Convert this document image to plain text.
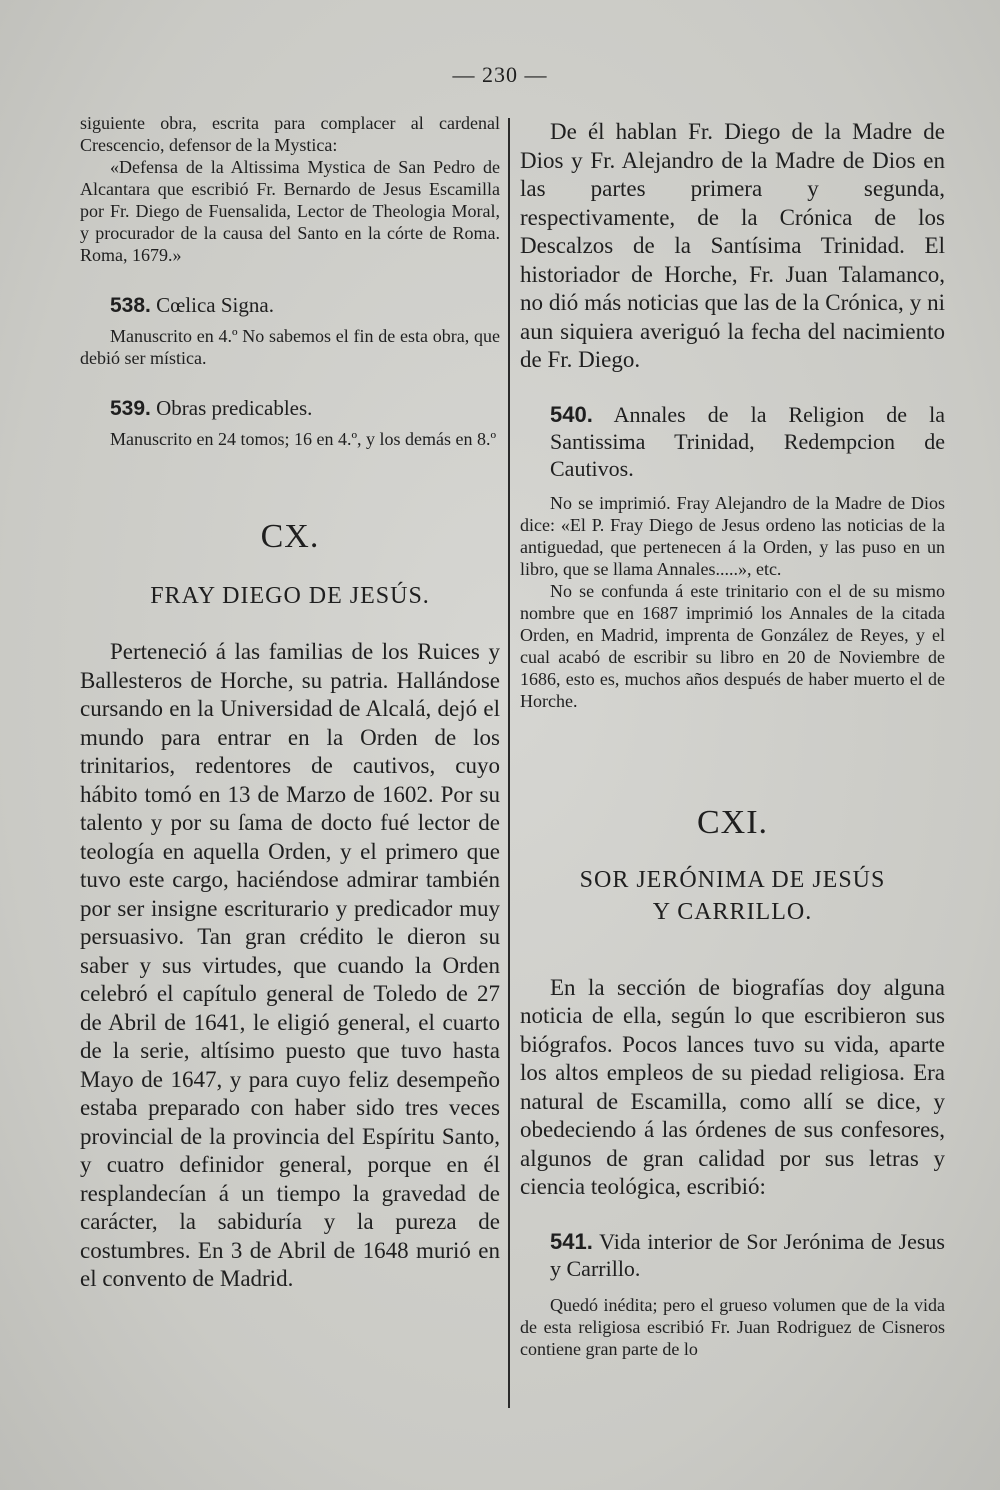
— 230 —

siguiente obra, escrita para complacer al cardenal Crescencio, defensor de la Mystica:

«Defensa de la Altissima Mystica de San Pedro de Alcantara que escribió Fr. Bernardo de Jesus Escamilla por Fr. Diego de Fuensalida, Lector de Theologia Moral, y procurador de la causa del Santo en la córte de Roma. Roma, 1679.»

538. Cœlica Signa.

Manuscrito en 4.º No sabemos el fin de esta obra, que debió ser mística.

539. Obras predicables.

Manuscrito en 24 tomos; 16 en 4.º, y los demás en 8.º

CX.
FRAY DIEGO DE JESÚS.

Perteneció á las familias de los Ruices y Ballesteros de Horche, su patria. Hallándose cursando en la Universidad de Alcalá, dejó el mundo para entrar en la Orden de los trinitarios, redentores de cautivos, cuyo hábito tomó en 13 de Marzo de 1602. Por su talento y por su ſama de docto fué lector de teología en aquella Orden, y el primero que tuvo este cargo, haciéndose admirar también por ser insigne escriturario y predicador muy persuasivo. Tan gran crédito le dieron su saber y sus virtudes, que cuando la Orden celebró el capítulo general de Toledo de 27 de Abril de 1641, le eligió general, el cuarto de la serie, altísimo puesto que tuvo hasta Mayo de 1647, y para cuyo feliz desempeño estaba preparado con haber sido tres veces provincial de la provincia del Espíritu Santo, y cuatro definidor general, porque en él resplandecían á un tiempo la gravedad de carácter, la sabiduría y la pureza de costumbres. En 3 de Abril de 1648 murió en el convento de Madrid.

De él hablan Fr. Diego de la Madre de Dios y Fr. Alejandro de la Madre de Dios en las partes primera y segunda, respectivamente, de la Crónica de los Descalzos de la Santísima Trinidad. El historiador de Horche, Fr. Juan Talamanco, no dió más noticias que las de la Crónica, y ni aun siquiera averiguó la fecha del nacimiento de Fr. Diego.

540. Annales de la Religion de la Santissima Trinidad, Redempcion de Cautivos.

No se imprimió. Fray Alejandro de la Madre de Dios dice: «El P. Fray Diego de Jesus ordeno las noticias de la antiguedad, que pertenecen á la Orden, y las puso en un libro, que se llama Annales.....», etc.

No se confunda á este trinitario con el de su mismo nombre que en 1687 imprimió los Annales de la citada Orden, en Madrid, imprenta de González de Reyes, y el cual acabó de escribir su libro en 20 de Noviembre de 1686, esto es, muchos años después de haber muerto el de Horche.

CXI.
SOR JERÓNIMA DE JESÚS
Y CARRILLO.

En la sección de biografías doy alguna noticia de ella, según lo que escribieron sus biógrafos. Pocos lances tuvo su vida, aparte los altos empleos de su piedad religiosa. Era natural de Escamilla, como allí se dice, y obedeciendo á las órdenes de sus confesores, algunos de gran calidad por sus letras y ciencia teológica, escribió:

541. Vida interior de Sor Jerónima de Jesus y Carrillo.

Quedó inédita; pero el grueso volumen que de la vida de esta religiosa escribió Fr. Juan Rodriguez de Cisneros contiene gran parte de lo
